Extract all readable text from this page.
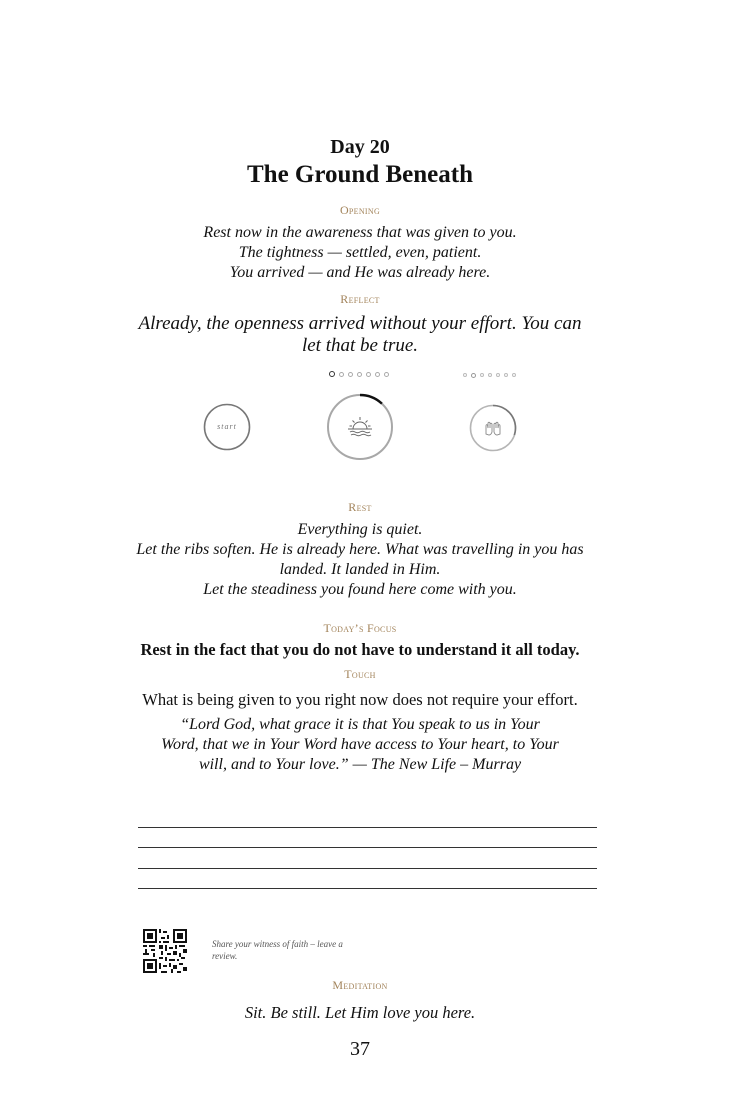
Day 20
The Ground Beneath
Opening
Rest now in the awareness that was given to you.
The tightness — settled, even, patient.
You arrived — and He was already here.
Reflect
Already, the openness arrived without your effort. You can let that be true.
start
Rest
Everything is quiet.
Let the ribs soften. He is already here. What was travelling in you has landed. It landed in Him.
Let the steadiness you found here come with you.
Today’s Focus
Rest in the fact that you do not have to understand it all today.
Touch
What is being given to you right now does not require your effort.
“Lord God, what grace it is that You speak to us in Your Word, that we in Your Word have access to Your heart, to Your will, and to Your love.” — The New Life – Murray
Share your witness of faith – leave a review.
Meditation
Sit. Be still. Let Him love you here.
37
